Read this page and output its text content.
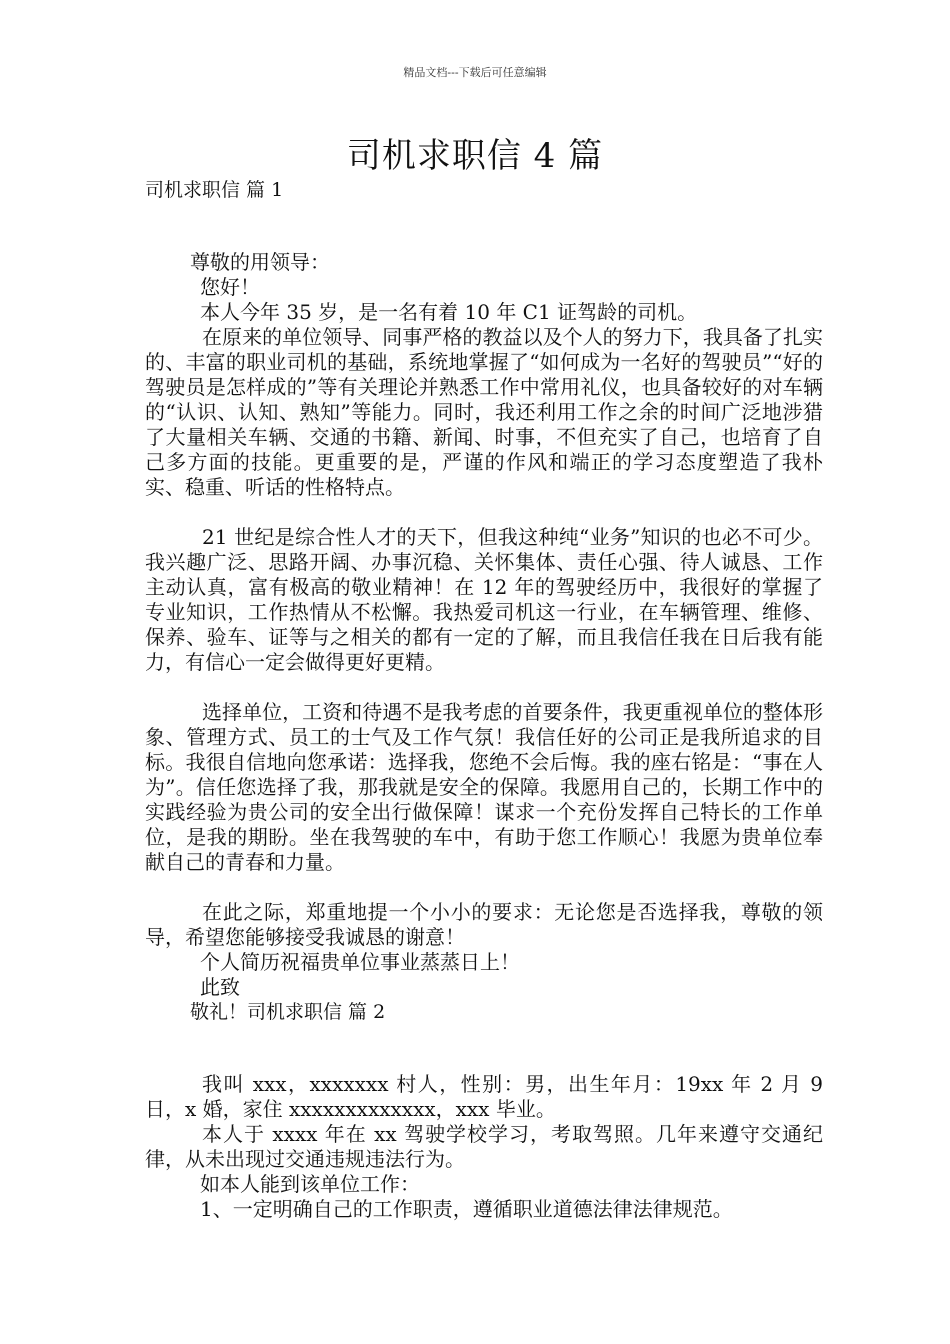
精品文档---下载后可任意编辑
司机求职信 4 篇
司机求职信 篇 1
尊敬的用领导：
您好！
本人今年 35 岁，是一名有着 10 年 C1 证驾龄的司机。

在原来的单位领导、同事严格的教益以及个人的努力下，我具备了扎实的、丰富的职业司机的基础，系统地掌握了“如何成为一名好的驾驶员”“好的驾驶员是怎样成的”等有关理论并熟悉工作中常用礼仪，也具备较好的对车辆的“认识、认知、熟知”等能力。同时，我还利用工作之余的时间广泛地涉猎了大量相关车辆、交通的书籍、新闻、时事，不但充实了自己，也培育了自己多方面的技能。更重要的是，严谨的作风和端正的学习态度塑造了我朴实、稳重、听话的性格特点。

21 世纪是综合性人才的天下，但我这种纯“业务”知识的也必不可少。我兴趣广泛、思路开阔、办事沉稳、关怀集体、责任心强、待人诚恳、工作主动认真，富有极高的敬业精神！在 12 年的驾驶经历中，我很好的掌握了专业知识，工作热情从不松懈。我热爱司机这一行业，在车辆管理、维修、保养、验车、证等与之相关的都有一定的了解，而且我信任我在日后我有能力，有信心一定会做得更好更精。

选择单位，工资和待遇不是我考虑的首要条件，我更重视单位的整体形象、管理方式、员工的士气及工作气氛！我信任好的公司正是我所追求的目标。我很自信地向您承诺：选择我，您绝不会后悔。我的座右铭是：“事在人为”。信任您选择了我，那我就是安全的保障。我愿用自己的，长期工作中的实践经验为贵公司的安全出行做保障！谋求一个充份发挥自己特长的工作单位，是我的期盼。坐在我驾驶的车中，有助于您工作顺心！我愿为贵单位奉献自己的青春和力量。

在此之际，郑重地提一个小小的要求：无论您是否选择我，尊敬的领导，希望您能够接受我诚恳的谢意！

个人简历祝福贵单位事业蒸蒸日上！
此致
敬礼！司机求职信 篇 2

我叫 xxx，xxxxxxx 村人，性别：男，出生年月：19xx 年 2 月 9 日，x 婚，家住 xxxxxxxxxxxxx，xxx 毕业。

本人于 xxxx 年在 xx 驾驶学校学习，考取驾照。几年来遵守交通纪律，从未出现过交通违规违法行为。

如本人能到该单位工作：
1、一定明确自己的工作职责，遵循职业道德法律法律规范。
